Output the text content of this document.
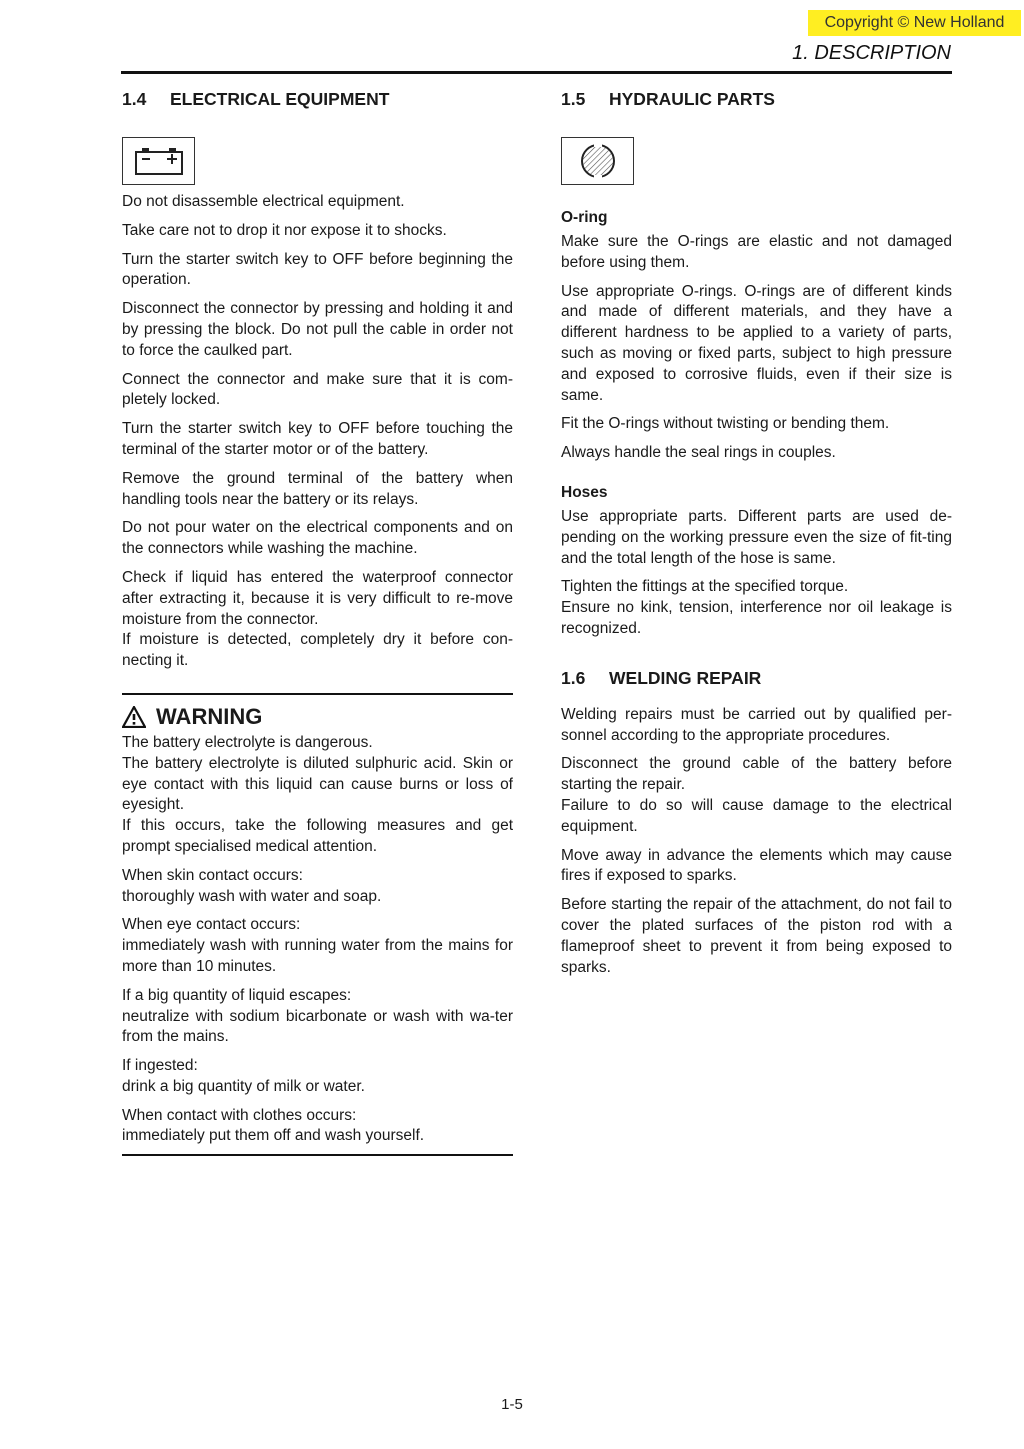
Copyright © New Holland
1. DESCRIPTION
1.4 ELECTRICAL EQUIPMENT

Do not disassemble electrical equipment.

Take care not to drop it nor expose it to shocks.

Turn the starter switch key to OFF before beginning the operation.

Disconnect the connector by pressing and holding it and by pressing the block. Do not pull the cable in order not to force the caulked part.

Connect the connector and make sure that it is com-pletely locked.

Turn the starter switch key to OFF before touching the terminal of the starter motor or of the battery.

Remove the ground terminal of the battery when handling tools near the battery or its relays.

Do not pour water on the electrical components and on the connectors while washing the machine.

Check if liquid has entered the waterproof connector after extracting it, because it is very difficult to re-move moisture from the connector.
If moisture is detected, completely dry it before con-necting it.

WARNING

The battery electrolyte is dangerous.
The battery electrolyte is diluted sulphuric acid. Skin or eye contact with this liquid can cause burns or loss of eyesight.
If this occurs, take the following measures and get prompt specialised medical attention.

When skin contact occurs:
thoroughly wash with water and soap.

When eye contact occurs:
immediately wash with running water from the mains for more than 10 minutes.

If a big quantity of liquid escapes:
neutralize with sodium bicarbonate or wash with wa-ter from the mains.

If ingested:
drink a big quantity of milk or water.

When contact with clothes occurs:
immediately put them off and wash yourself.

1.5 HYDRAULIC PARTS
O-ring

Make sure the O-rings are elastic and not damaged before using them.

Use appropriate O-rings. O-rings are of different kinds and made of different materials, and they have a different hardness to be applied to a variety of parts, such as moving or fixed parts, subject to high pressure and exposed to corrosive fluids, even if their size is same.

Fit the O-rings without twisting or bending them.

Always handle the seal rings in couples.

Hoses

Use appropriate parts. Different parts are used de-pending on the working pressure even the size of fit-ting and the total length of the hose is same.

Tighten the fittings at the specified torque.
Ensure no kink, tension, interference nor oil leakage is recognized.

1.6 WELDING REPAIR

Welding repairs must be carried out by qualified per-sonnel according to the appropriate procedures.

Disconnect the ground cable of the battery before starting the repair.
Failure to do so will cause damage to the electrical equipment.

Move away in advance the elements which may cause fires if exposed to sparks.

Before starting the repair of the attachment, do not fail to cover the plated surfaces of the piston rod with a flameproof sheet to prevent it from being exposed to sparks.

1-5
